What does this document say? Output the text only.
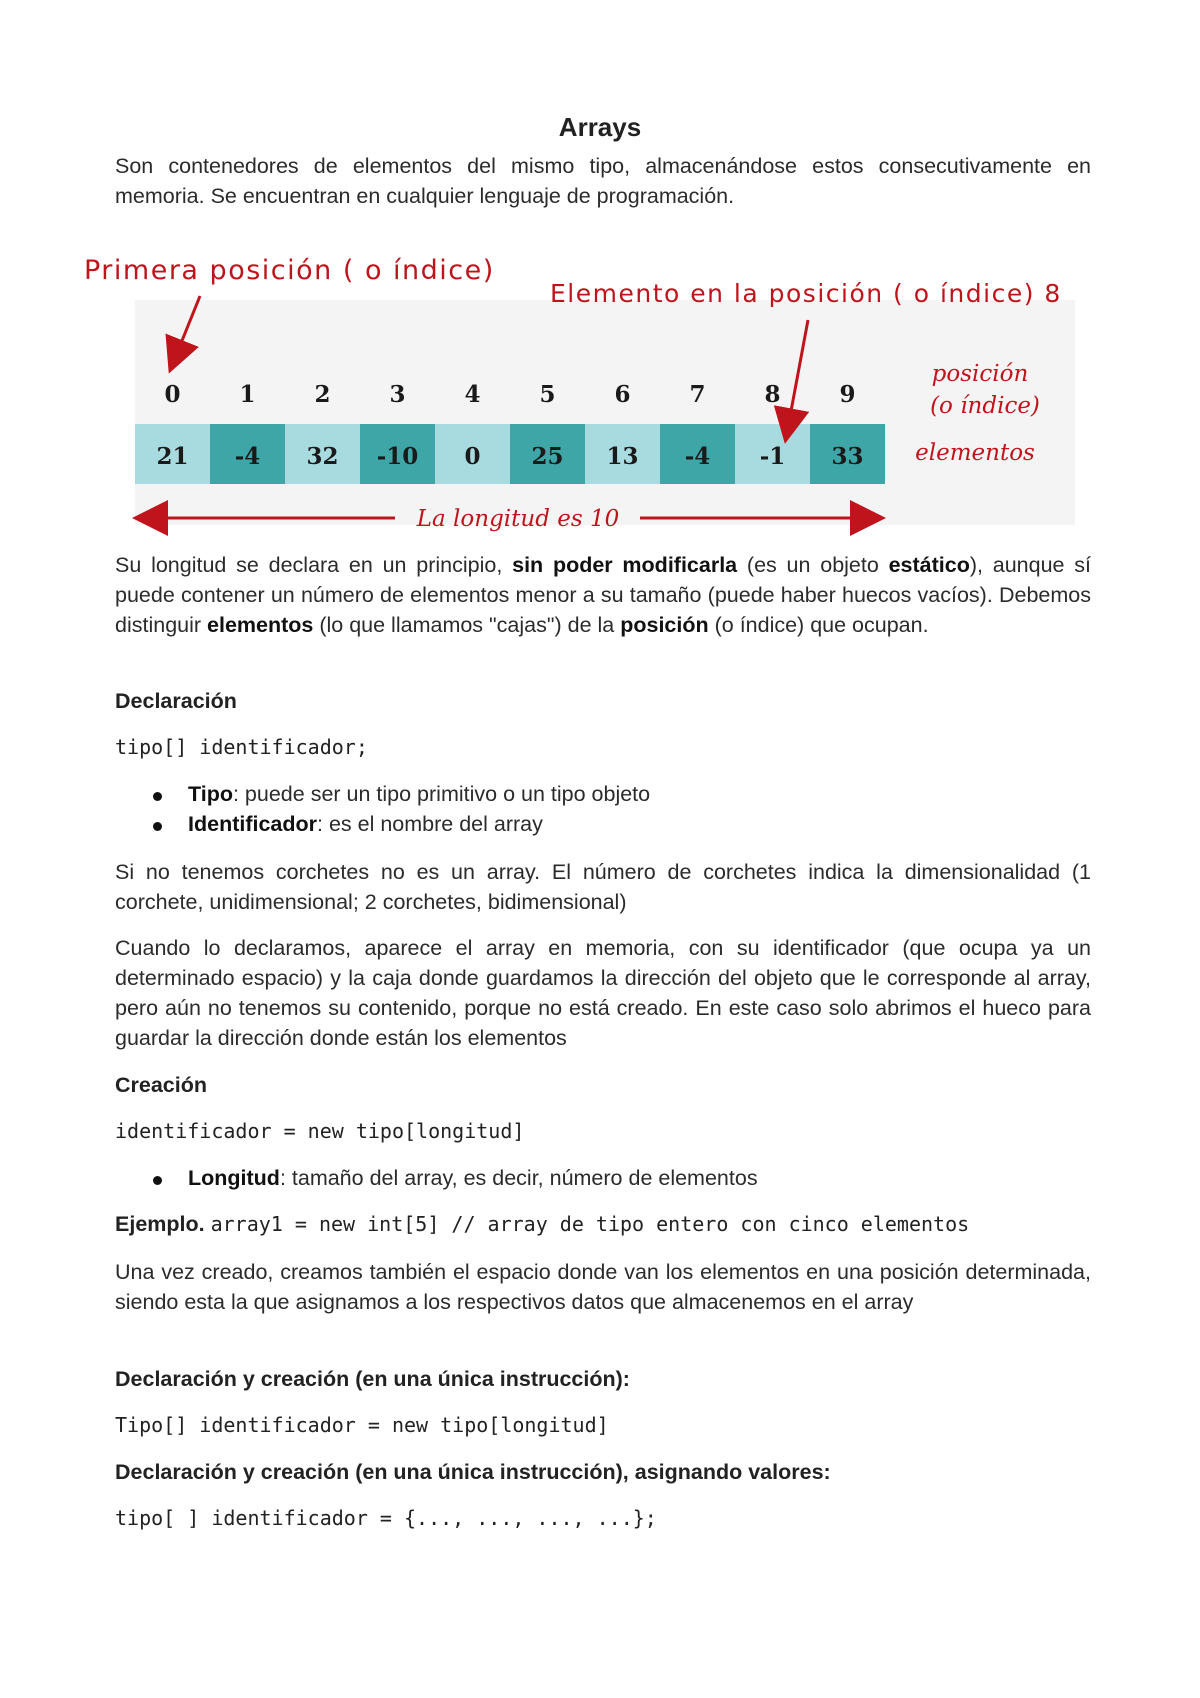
Arrays
Son contenedores de elementos del mismo tipo, almacenándose estos consecutivamente en memoria. Se encuentran en cualquier lenguaje de programación.
0	1	2	3	4	5	6	7	8	9
21 -4 32 -10 0 25 13 -4 -1 33
Primera posición ( o índice)
Elemento en la posición ( o índice) 8
posición
(o índice)
elementos
La longitud es 10
Su longitud se declara en un principio, sin poder modificarla (es un objeto estático), aunque sí puede contener un número de elementos menor a su tamaño (puede haber huecos vacíos). Debemos distinguir elementos (lo que llamamos "cajas") de la posición (o índice) que ocupan.
Declaración
tipo[] identificador;
Tipo: puede ser un tipo primitivo o un tipo objeto
Identificador: es el nombre del array
Si no tenemos corchetes no es un array. El número de corchetes indica la dimensionalidad (1 corchete, unidimensional; 2 corchetes, bidimensional)
Cuando lo declaramos, aparece el array en memoria, con su identificador (que ocupa ya un determinado espacio) y la caja donde guardamos la dirección del objeto que le corresponde al array, pero aún no tenemos su contenido, porque no está creado. En este caso solo abrimos el hueco para guardar la dirección donde están los elementos
Creación
identificador = new tipo[longitud]
Longitud: tamaño del array, es decir, número de elementos
Ejemplo. array1 = new int[5] // array de tipo entero con cinco elementos
Una vez creado, creamos también el espacio donde van los elementos en una posición determinada, siendo esta la que asignamos a los respectivos datos que almacenemos en el array
Declaración y creación (en una única instrucción):
Tipo[] identificador = new tipo[longitud]
Declaración y creación (en una única instrucción), asignando valores:
tipo[ ] identificador = {..., ..., ..., ...};
